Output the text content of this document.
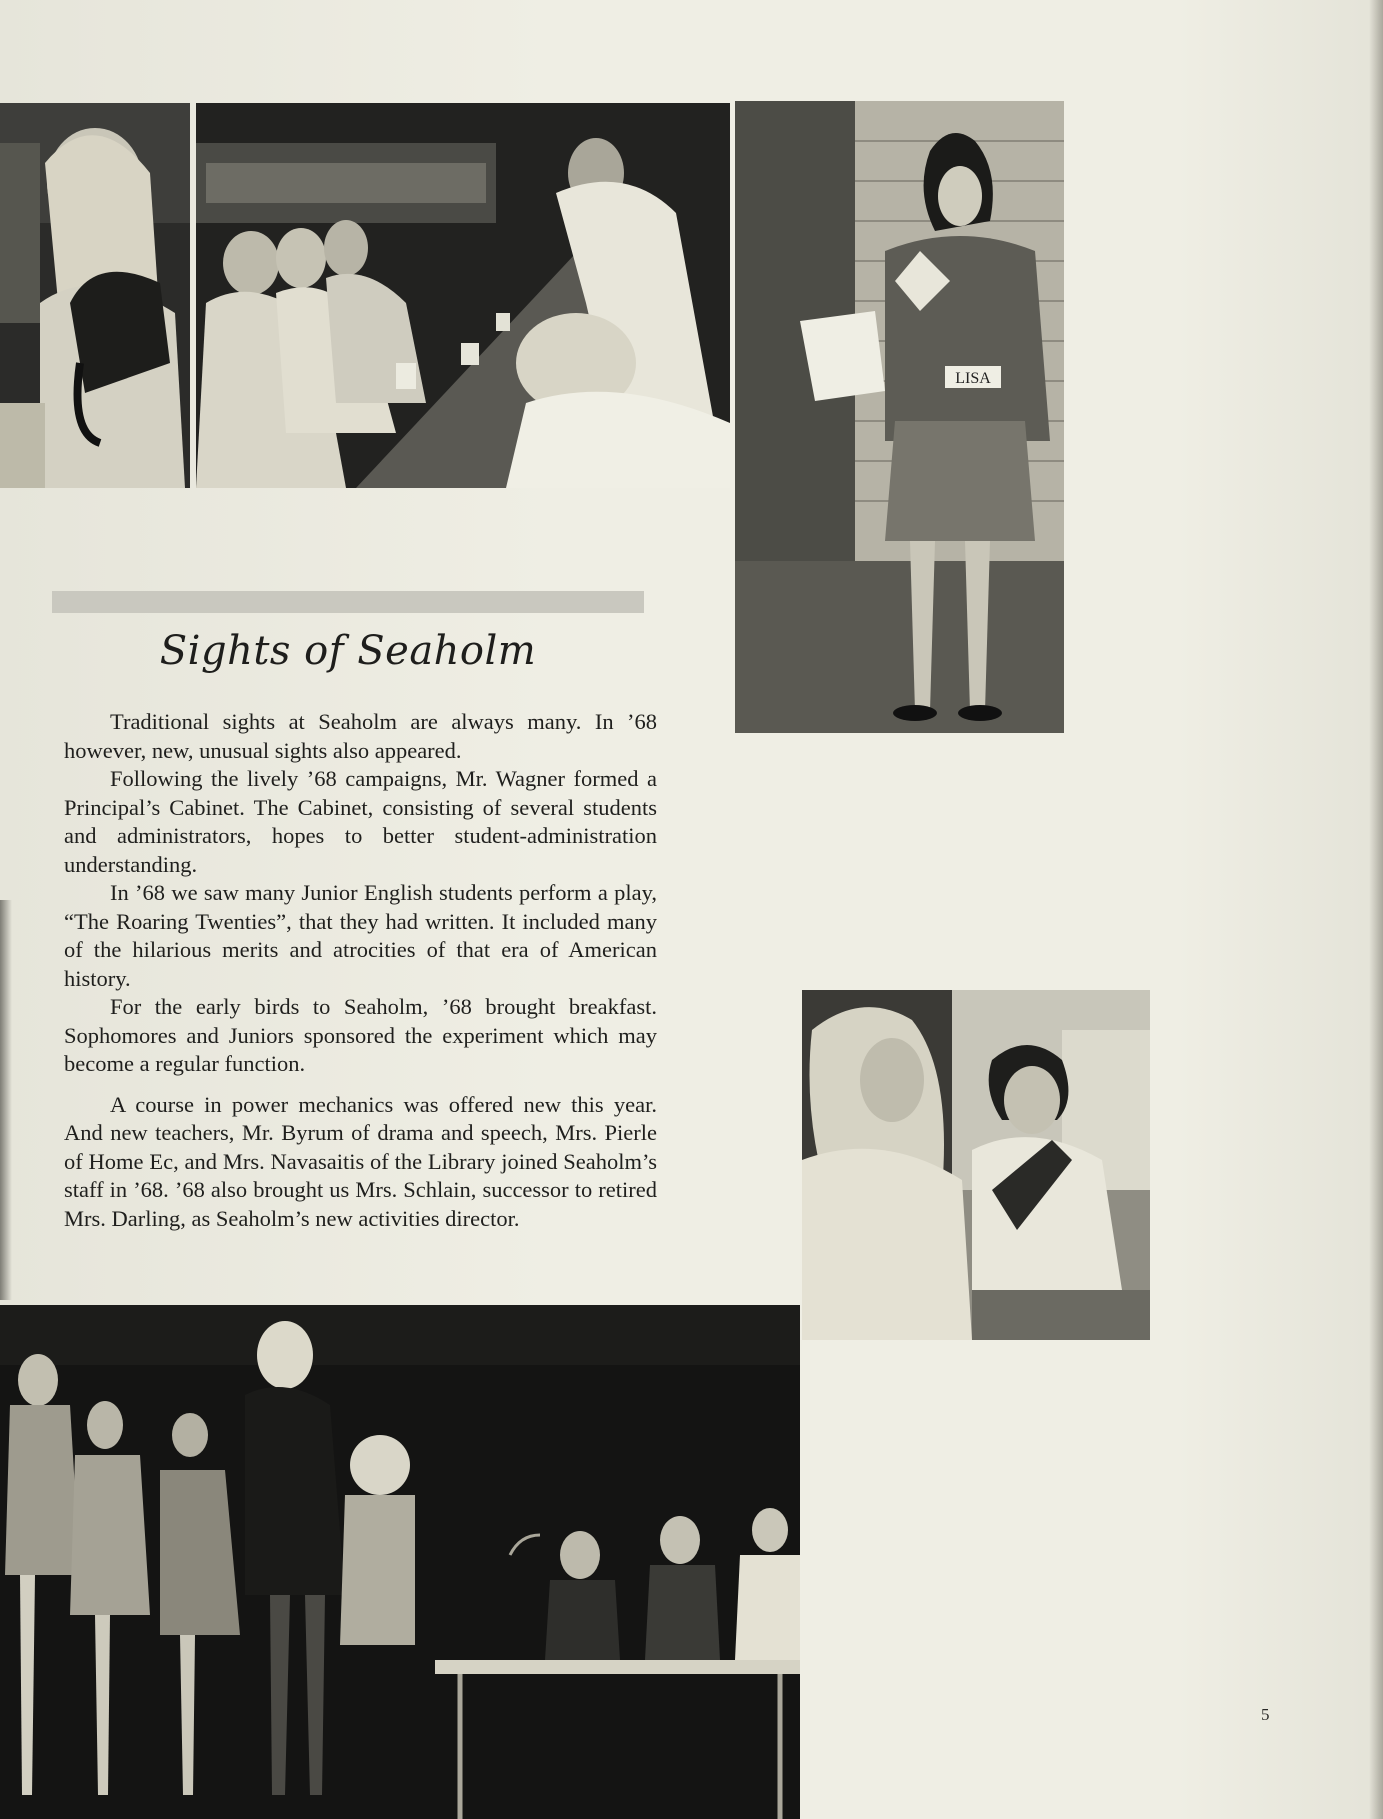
LISA
Sights of Seaholm

Traditional sights at Seaholm are always many. In ’68 however, new, unusual sights also appeared.

Following the lively ’68 campaigns, Mr. Wagner formed a Principal’s Cabinet. The Cabinet, consisting of several students and administrators, hopes to better student-administration understanding.

In ’68 we saw many Junior English students perform a play, “The Roaring Twenties”, that they had written. It included many of the hilarious merits and atrocities of that era of American history.

For the early birds to Seaholm, ’68 brought breakfast. Sophomores and Juniors sponsored the experiment which may become a regular function.

A course in power mechanics was offered new this year. And new teachers, Mr. Byrum of drama and speech, Mrs. Pierle of Home Ec, and Mrs. Navasaitis of the Library joined Seaholm’s staff in ’68. ’68 also brought us Mrs. Schlain, successor to retired Mrs. Darling, as Seaholm’s new activities director.

5
